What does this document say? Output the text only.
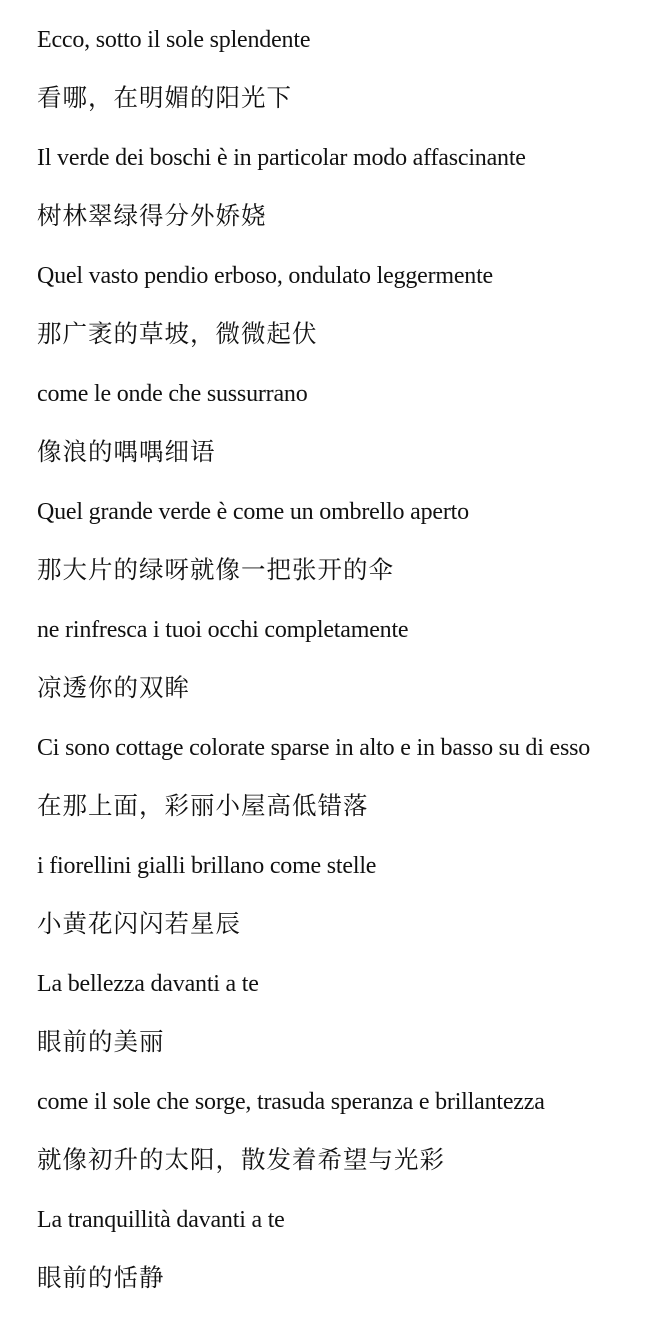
Ecco, sotto il sole splendente
看哪，在明媚的阳光下
Il verde dei boschi è in particolar modo affascinante
树林翠绿得分外娇娆
Quel vasto pendio erboso, ondulato leggermente
那广袤的草坡，微微起伏
come le onde che sussurrano
像浪的喁喁细语
Quel grande verde è come un ombrello aperto
那大片的绿呀就像一把张开的伞
ne rinfresca i tuoi occhi completamente
凉透你的双眸
Ci sono cottage colorate sparse in alto e in basso su di esso
在那上面，彩丽小屋高低错落
i fiorellini gialli brillano come stelle
小黄花闪闪若星辰
La bellezza davanti a te
眼前的美丽
come il sole che sorge, trasuda speranza e brillantezza
就像初升的太阳，散发着希望与光彩
La tranquillità davanti a te
眼前的恬静
